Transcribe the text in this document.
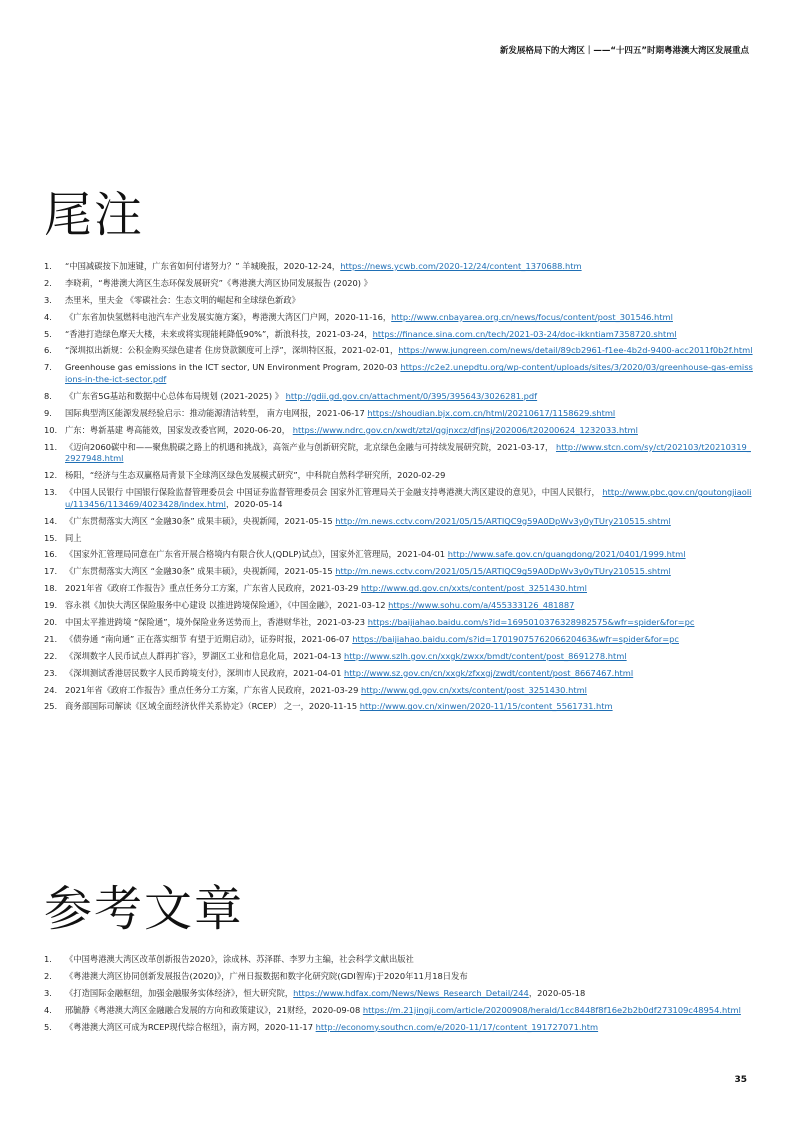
新发展格局下的大湾区｜——“十四五”时期粤港澳大湾区发展重点
尾注
1. “中国减碳按下加速键，广东省如何付诸努力？” 羊城晚报，2020-12-24，https://news.ycwb.com/2020-12/24/content_1370688.htm
2. 李晓莉，“粤港澳大湾区生态环保发展研究”《粤港澳大湾区协同发展报告 (2020) 》
3. 杰里米，里夫金 《零碳社会：生态文明的崛起和全球绿色新政》
4. 《广东省加快氢燃料电池汽车产业发展实施方案》，粤港澳大湾区门户网，2020-11-16，http://www.cnbayarea.org.cn/news/focus/content/post_301546.html
5. “香港打造绿色摩天大楼，未来或将实现能耗降低90%”，新浪科技，2021-03-24，https://finance.sina.com.cn/tech/2021-03-24/doc-ikkntiam7358720.shtml
6. “深圳拟出新规：公积金购买绿色建者 住房贷款额度可上浮”，深圳特区报，2021-02-01，https://www.jungreen.com/news/detail/89cb2961-f1ee-4b2d-9400-acc2011f0b2f.html
7. Greenhouse gas emissions in the ICT sector, UN Environment Program, 2020-03 https://c2e2.unepdtu.org/wp-content/uploads/sites/3/2020/03/greenhouse-gas-emissions-in-the-ict-sector.pdf
8. 《广东省5G基站和数据中心总体布局规划 (2021-2025) 》 http://gdii.gd.gov.cn/attachment/0/395/395643/3026281.pdf
9. 国际典型湾区能源发展经验启示：推动能源清洁转型， 南方电网报，2021-06-17 https://shoudian.bjx.com.cn/html/20210617/1158629.shtml
10. 广东：粤新基建 粤高能效，国家发改委官网，2020-06-20， https://www.ndrc.gov.cn/xwdt/ztzl/qgjnxcz/dfjnsj/202006/t20200624_1232033.html
11. 《迈向2060碳中和——聚焦脱碳之路上的机遇和挑战》，高瓴产业与创新研究院，北京绿色金融与可持续发展研究院，2021-03-17， http://www.stcn.com/sy/ct/202103/t20210319_2927948.html
12. 杨阳，“经济与生态双赢格局背景下全球湾区绿色发展模式研究”，中科院自然科学研究所，2020-02-29
13. 《中国人民银行 中国银行保险监督管理委员会 中国证券监督管理委员会 国家外汇管理局关于金融支持粤港澳大湾区建设的意见》，中国人民银行， http://www.pbc.gov.cn/goutongjiaoliu/113456/113469/4023428/index.html，2020-05-14
14. 《广东贯彻落实大湾区 “金融30条” 成果丰硕》，央视新闻，2021-05-15 http://m.news.cctv.com/2021/05/15/ARTIQC9g59A0DpWv3y0yTUry210515.shtml
15. 同上
16. 《国家外汇管理局同意在广东省开展合格境内有限合伙人(QDLP)试点》，国家外汇管理局，2021-04-01 http://www.safe.gov.cn/guangdong/2021/0401/1999.html
17. 《广东贯彻落实大湾区 “金融30条” 成果丰硕》，央视新闻，2021-05-15 http://m.news.cctv.com/2021/05/15/ARTIQC9g59A0DpWv3y0yTUry210515.shtml
18. 2021年省《政府工作报告》重点任务分工方案，广东省人民政府，2021-03-29 http://www.gd.gov.cn/xxts/content/post_3251430.html
19. 容永祺《加快大湾区保险服务中心建设 以推进跨境保险通》，《中国金融》，2021-03-12 https://www.sohu.com/a/455333126_481887
20. 中国太平推进跨境 “保险通”，境外保险业务送势而上，香港财华社，2021-03-23 https://baijiahao.baidu.com/s?id=1695010376328982575&wfr=spider&for=pc
21. 《债券通 “南向通” 正在落实细节 有望于近期启动》，证券时报，2021-06-07 https://baijiahao.baidu.com/s?id=1701907576206620463&wfr=spider&for=pc
22. 《深圳数字人民币试点人群再扩容》，罗湖区工业和信息化局，2021-04-13 http://www.szlh.gov.cn/xxgk/zwxx/bmdt/content/post_8691278.html
23. 《深圳测试香港居民数字人民币跨境支付》，深圳市人民政府，2021-04-01 http://www.sz.gov.cn/cn/xxgk/zfxxgj/zwdt/content/post_8667467.html
24. 2021年省《政府工作报告》重点任务分工方案，广东省人民政府，2021-03-29 http://www.gd.gov.cn/xxts/content/post_3251430.html
25. 商务部国际司解读《区域全面经济伙伴关系协定》（RCEP） 之一，2020-11-15 http://www.gov.cn/xinwen/2020-11/15/content_5561731.htm
参考文章
1. 《中国粤港澳大湾区改革创新报告2020》，涂成林、苏泽群、李罗力主编，社会科学文献出版社
2. 《粤港澳大湾区协同创新发展报告(2020)》，广州日报数据和数字化研究院(GDI智库)于2020年11月18日发布
3. 《打造国际金融枢纽，加强金融服务实体经济》，恒大研究院，https://www.hdfax.com/News/News_Research_Detail/244，2020-05-18
4. 邢毓静《粤港澳大湾区金融融合发展的方向和政策建议》，21财经，2020-09-08 https://m.21jingji.com/article/20200908/herald/1cc8448f8f16e2b2b0df273109c48954.html
5. 《粤港澳大湾区可成为RCEP现代综合枢纽》，南方网，2020-11-17 http://economy.southcn.com/e/2020-11/17/content_191727071.htm
35
